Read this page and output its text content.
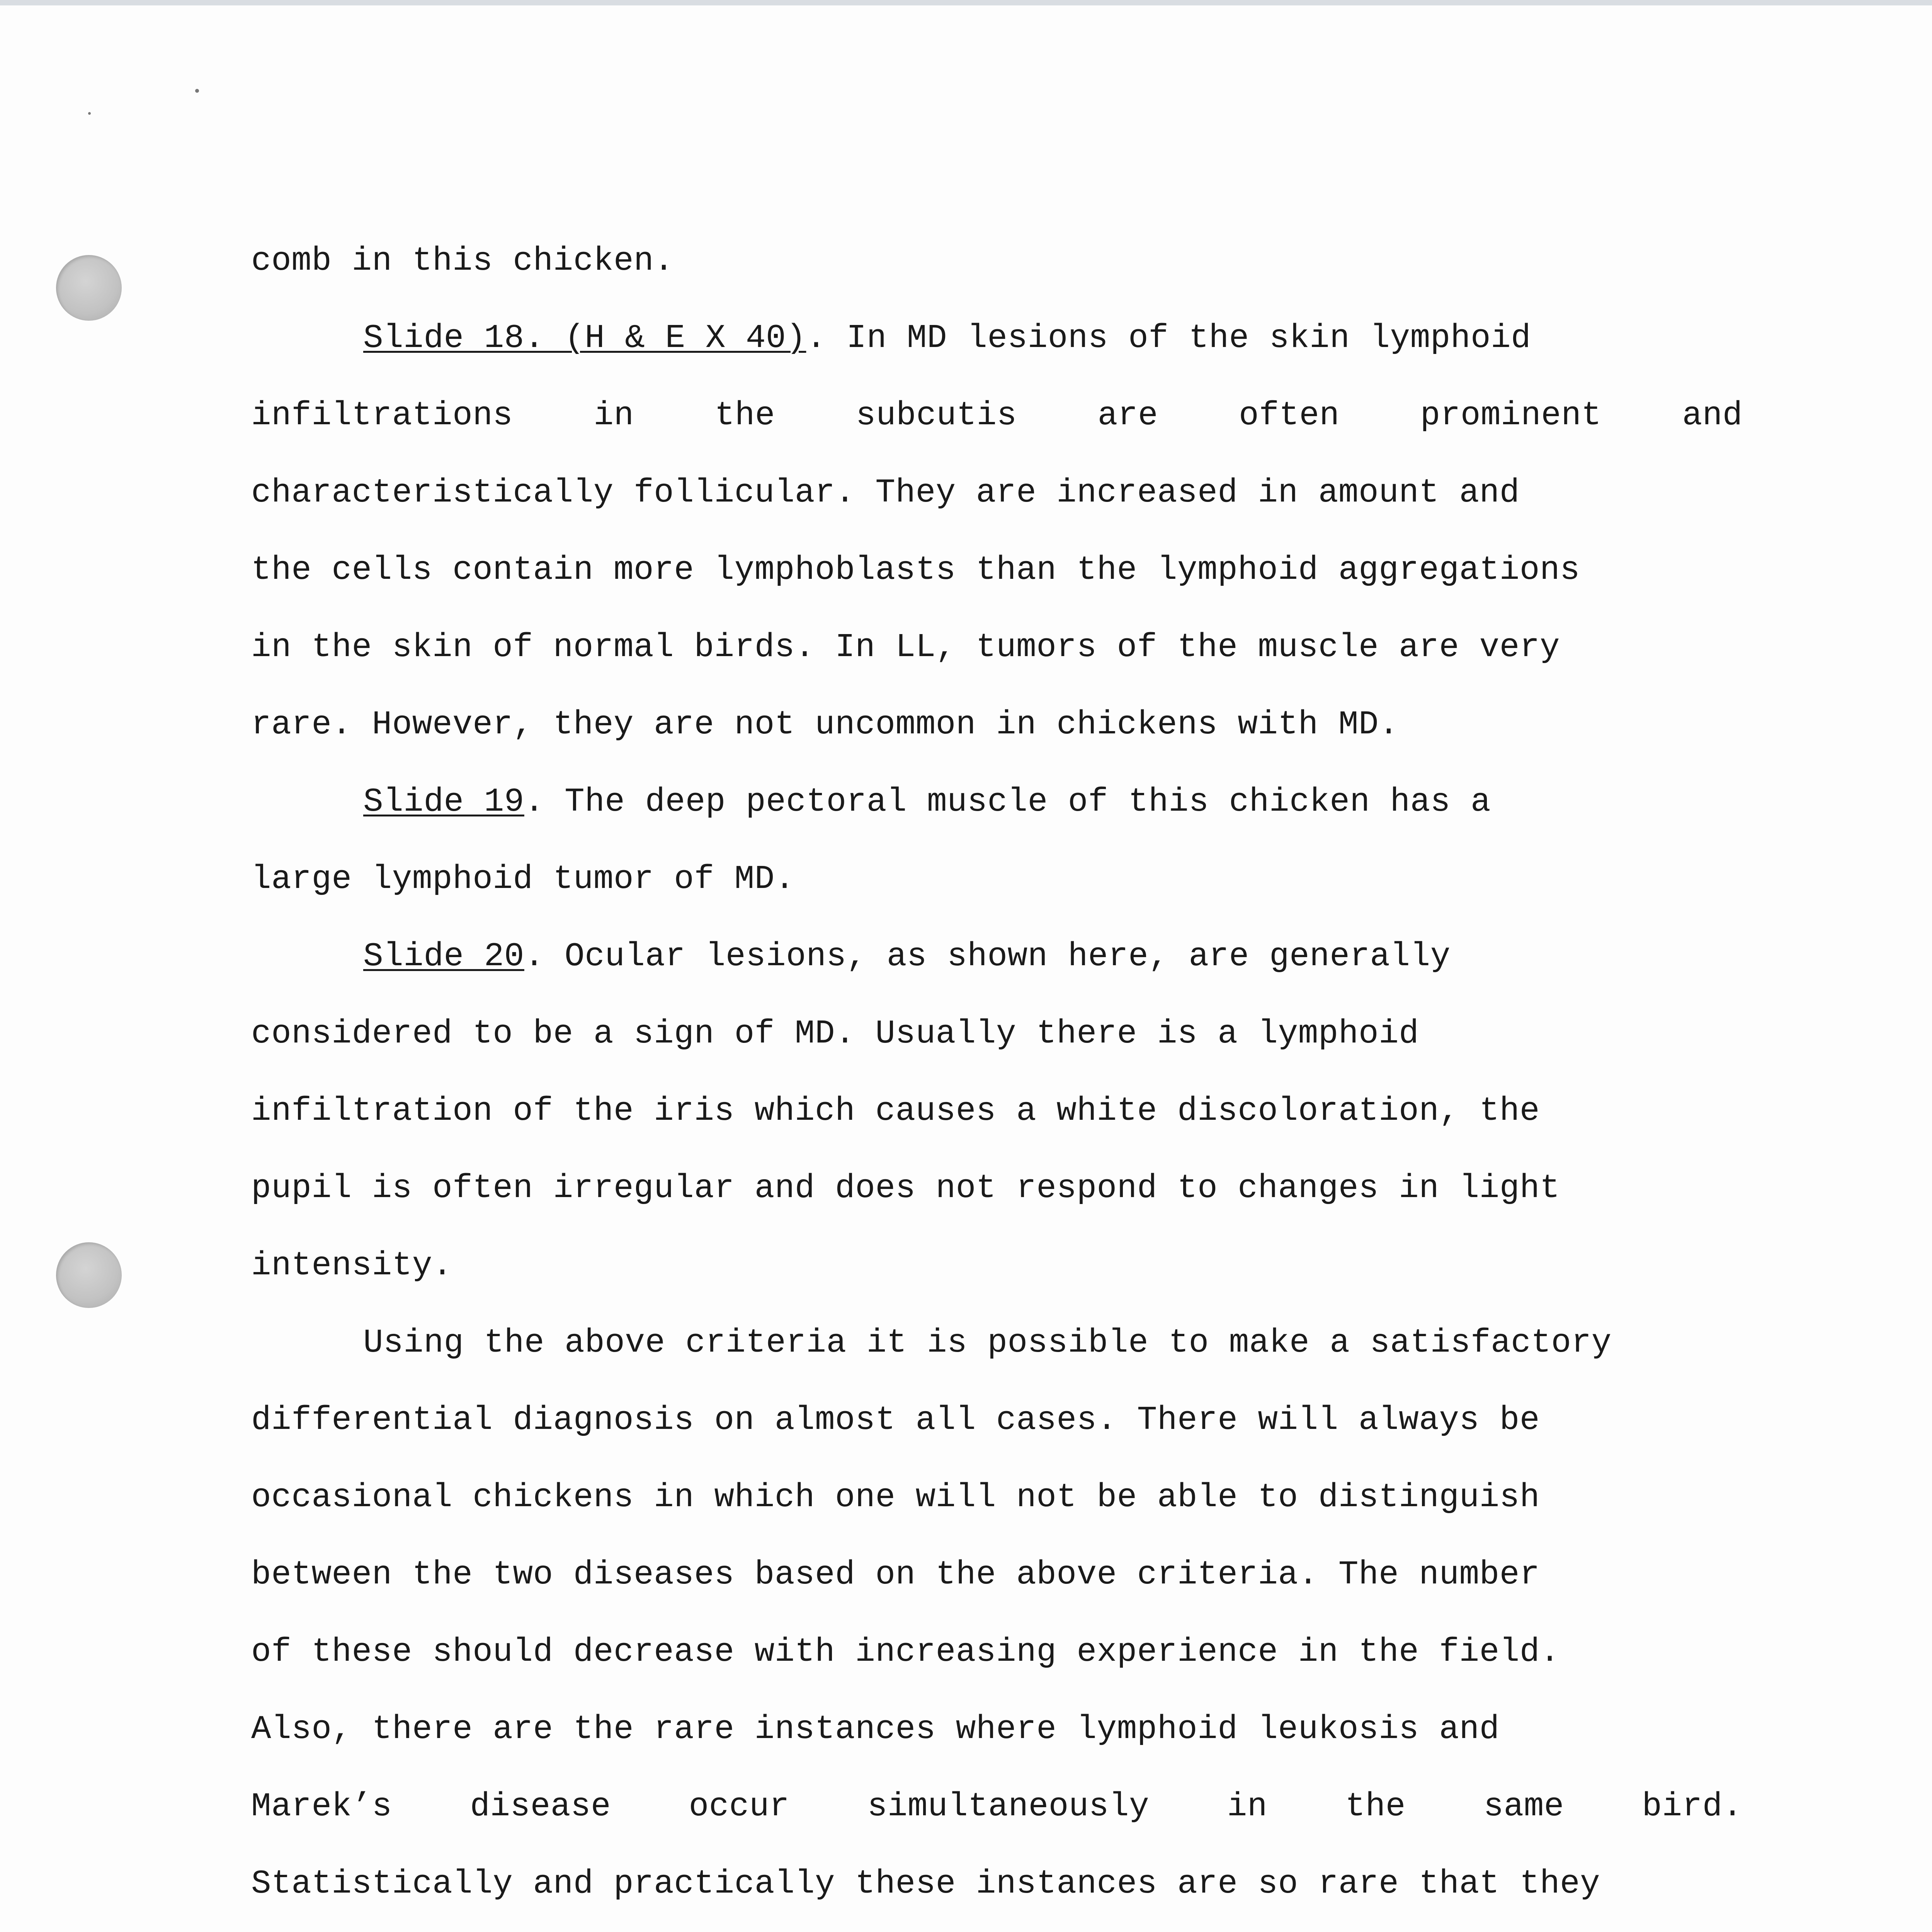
comb in this chicken.
Slide 18. (H & E X 40). In MD lesions of the skin lymphoid
infiltrations in the subcutis are often prominent and
characteristically follicular. They are increased in amount and
the cells contain more lymphoblasts than the lymphoid aggregations
in the skin of normal birds. In LL, tumors of the muscle are very
rare. However, they are not uncommon in chickens with MD.
Slide 19. The deep pectoral muscle of this chicken has a
large lymphoid tumor of MD.
Slide 20. Ocular lesions, as shown here, are generally
considered to be a sign of MD. Usually there is a lymphoid
infiltration of the iris which causes a white discoloration, the
pupil is often irregular and does not respond to changes in light
intensity.
Using the above criteria it is possible to make a satisfactory
differential diagnosis on almost all cases. There will always be
occasional chickens in which one will not be able to distinguish
between the two diseases based on the above criteria. The number
of these should decrease with increasing experience in the field.
Also, there are the rare instances where lymphoid leukosis and
Marek’s disease occur simultaneously in the same bird.
Statistically and practically these instances are so rare that they
